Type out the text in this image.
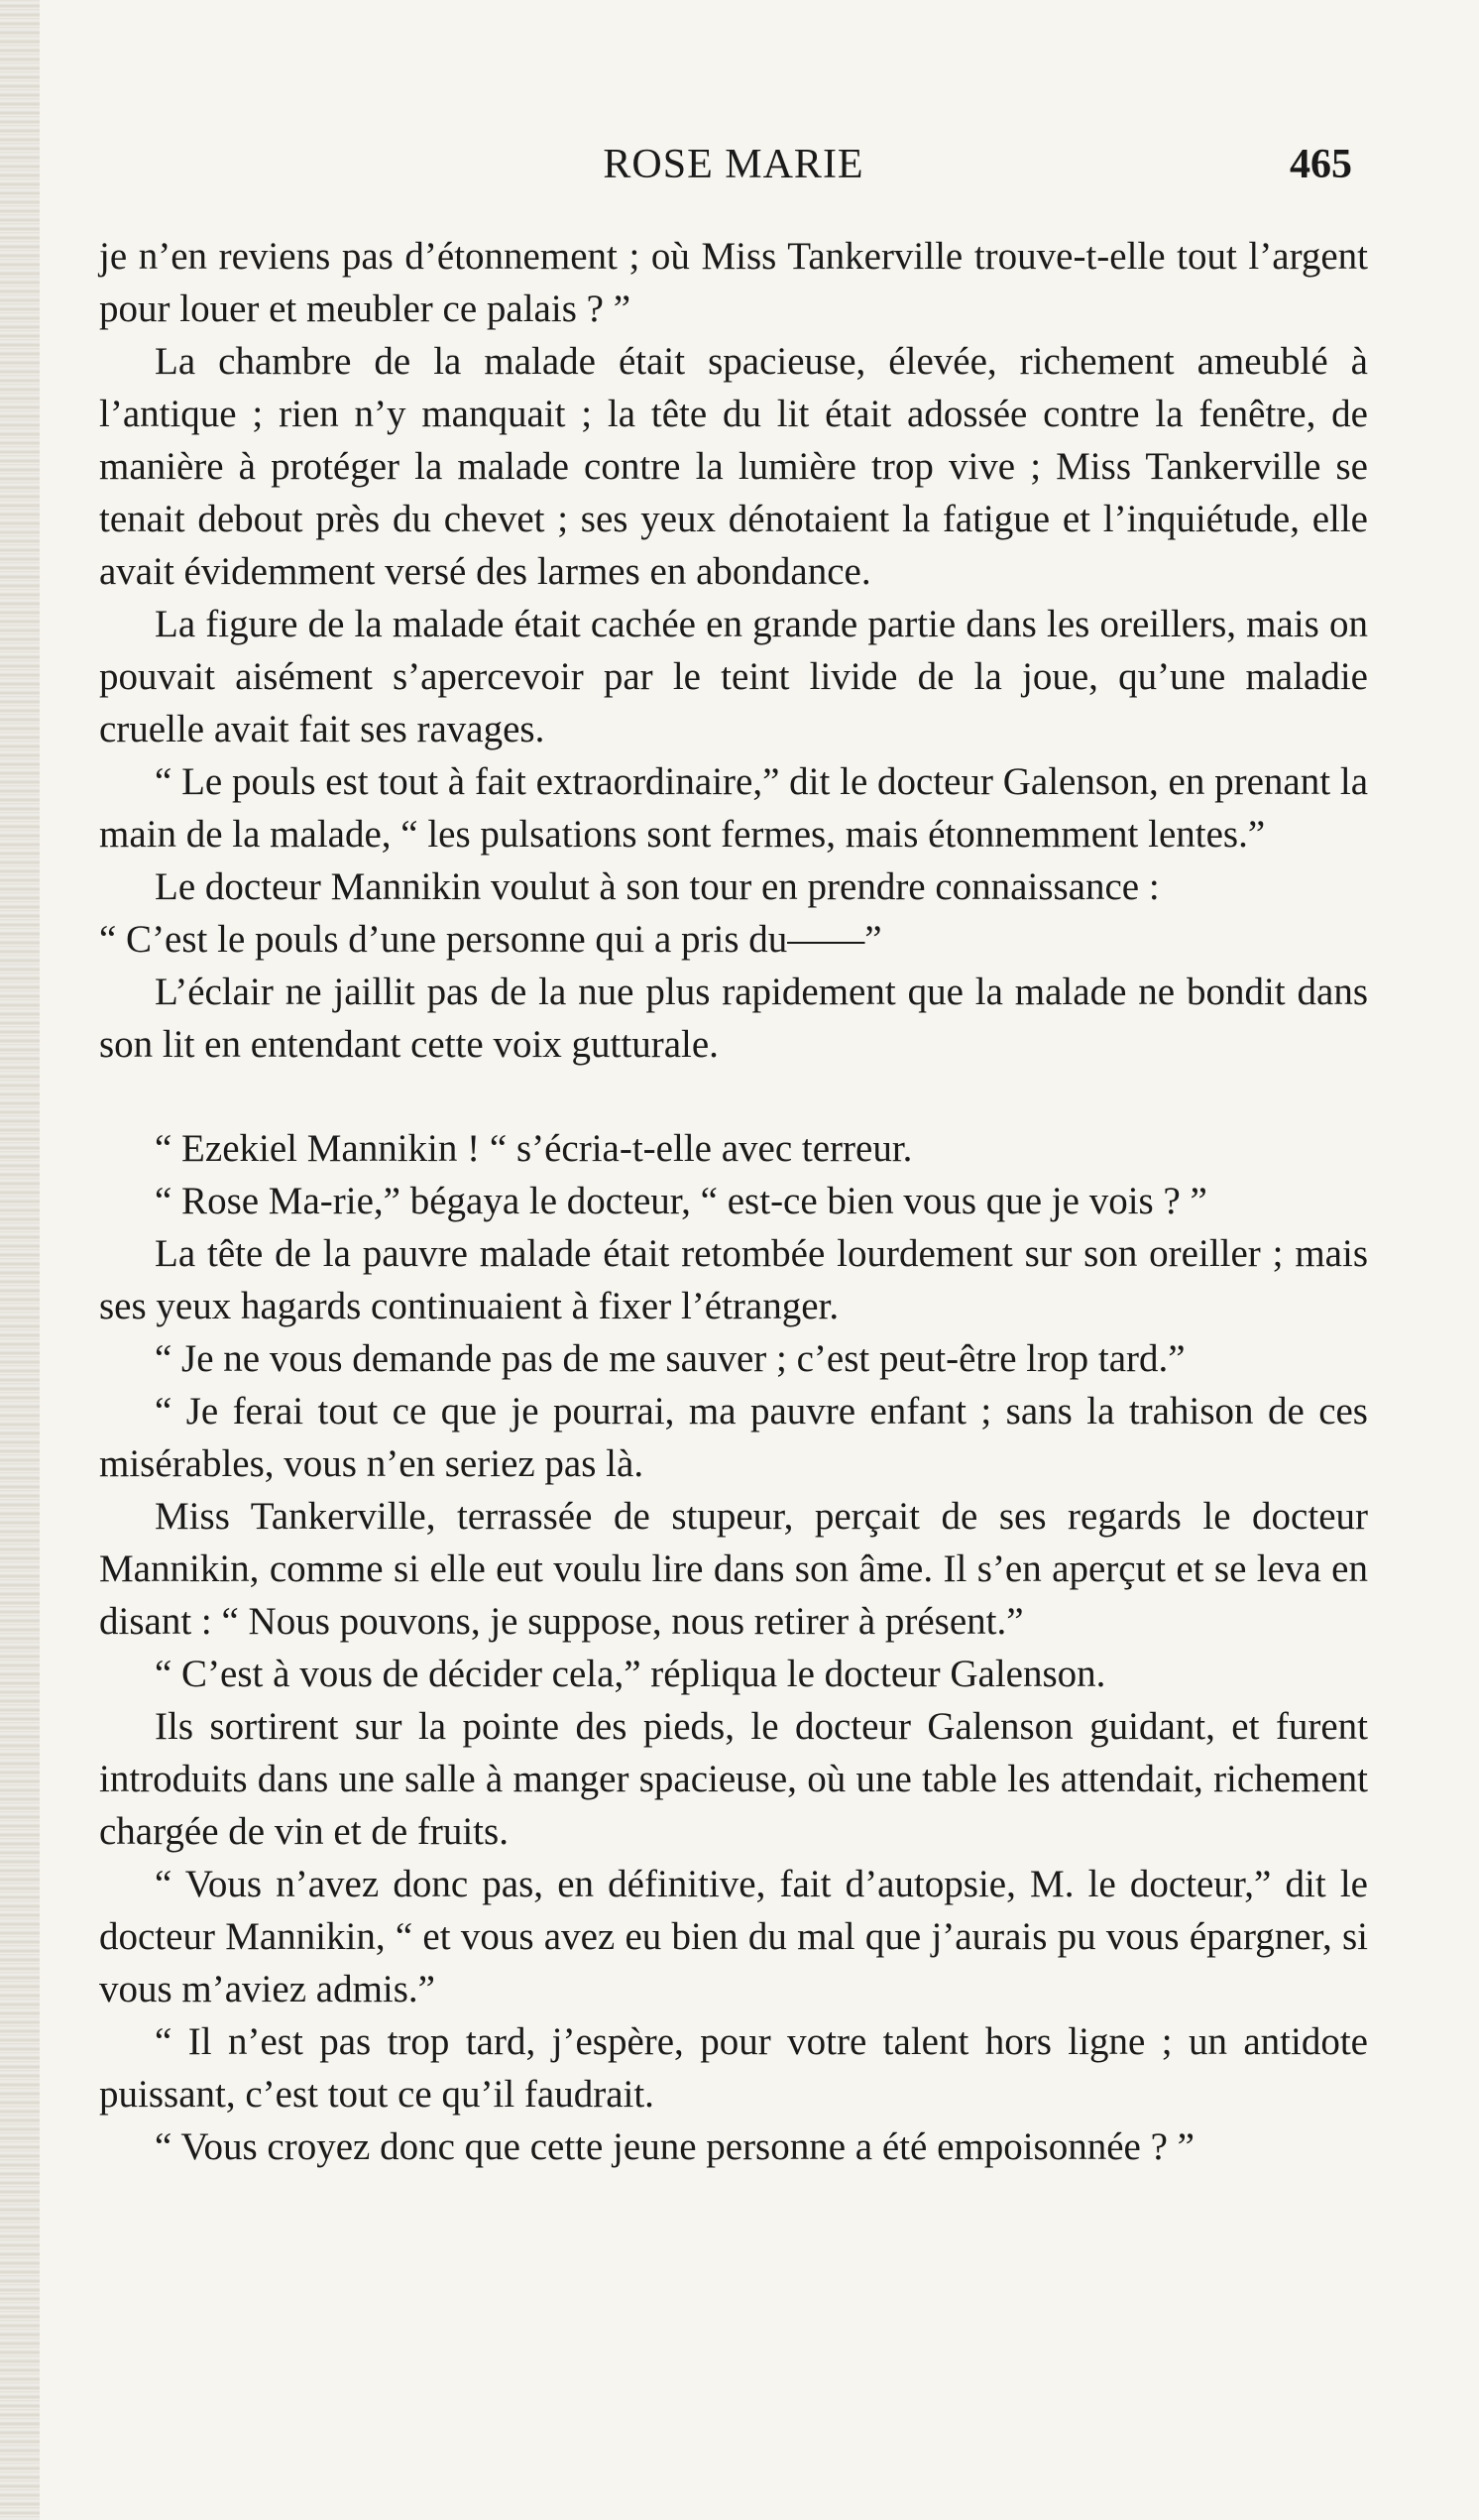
ROSE MARIE	465

je n’en reviens pas d’étonnement ; où Miss Tankerville trouve-t-elle tout l’argent pour louer et meubler ce palais ? ”

La chambre de la malade était spacieuse, élevée, richement ameublé à l’antique ; rien n’y manquait ; la tête du lit était adossée contre la fenêtre, de manière à protéger la malade contre la lumière trop vive ; Miss Tankerville se tenait debout près du chevet ; ses yeux dénotaient la fatigue et l’inquiétude, elle avait évidemment versé des larmes en abondance.

La figure de la malade était cachée en grande partie dans les oreillers, mais on pouvait aisément s’apercevoir par le teint livide de la joue, qu’une maladie cruelle avait fait ses ravages.

“ Le pouls est tout à fait extraordinaire,” dit le docteur Galenson, en prenant la main de la malade, “ les pulsations sont fermes, mais étonnemment lentes.”

Le docteur Mannikin voulut à son tour en prendre connaissance :

“ C’est le pouls d’une personne qui a pris du——”

L’éclair ne jaillit pas de la nue plus rapidement que la malade ne bondit dans son lit en entendant cette voix gutturale.

“ Ezekiel Mannikin ! “ s’écria-t-elle avec terreur.

“ Rose Ma-rie,” bégaya le docteur, “ est-ce bien vous que je vois ? ”

La tête de la pauvre malade était retombée lourdement sur son oreiller ; mais ses yeux hagards continuaient à fixer l’étranger.

“ Je ne vous demande pas de me sauver ; c’est peut-être lrop tard.”

“ Je ferai tout ce que je pourrai, ma pauvre enfant ; sans la trahison de ces misérables, vous n’en seriez pas là.

Miss Tankerville, terrassée de stupeur, perçait de ses regards le docteur Mannikin, comme si elle eut voulu lire dans son âme. Il s’en aperçut et se leva en disant : “ Nous pouvons, je suppose, nous retirer à présent.”

“ C’est à vous de décider cela,” répliqua le docteur Galenson.

Ils sortirent sur la pointe des pieds, le docteur Galenson guidant, et furent introduits dans une salle à manger spacieuse, où une table les attendait, richement chargée de vin et de fruits.

“ Vous n’avez donc pas, en définitive, fait d’autopsie, M. le docteur,” dit le docteur Mannikin, “ et vous avez eu bien du mal que j’aurais pu vous épargner, si vous m’aviez admis.”

“ Il n’est pas trop tard, j’espère, pour votre talent hors ligne ; un antidote puissant, c’est tout ce qu’il faudrait.

“ Vous croyez donc que cette jeune personne a été empoisonnée ? ”
